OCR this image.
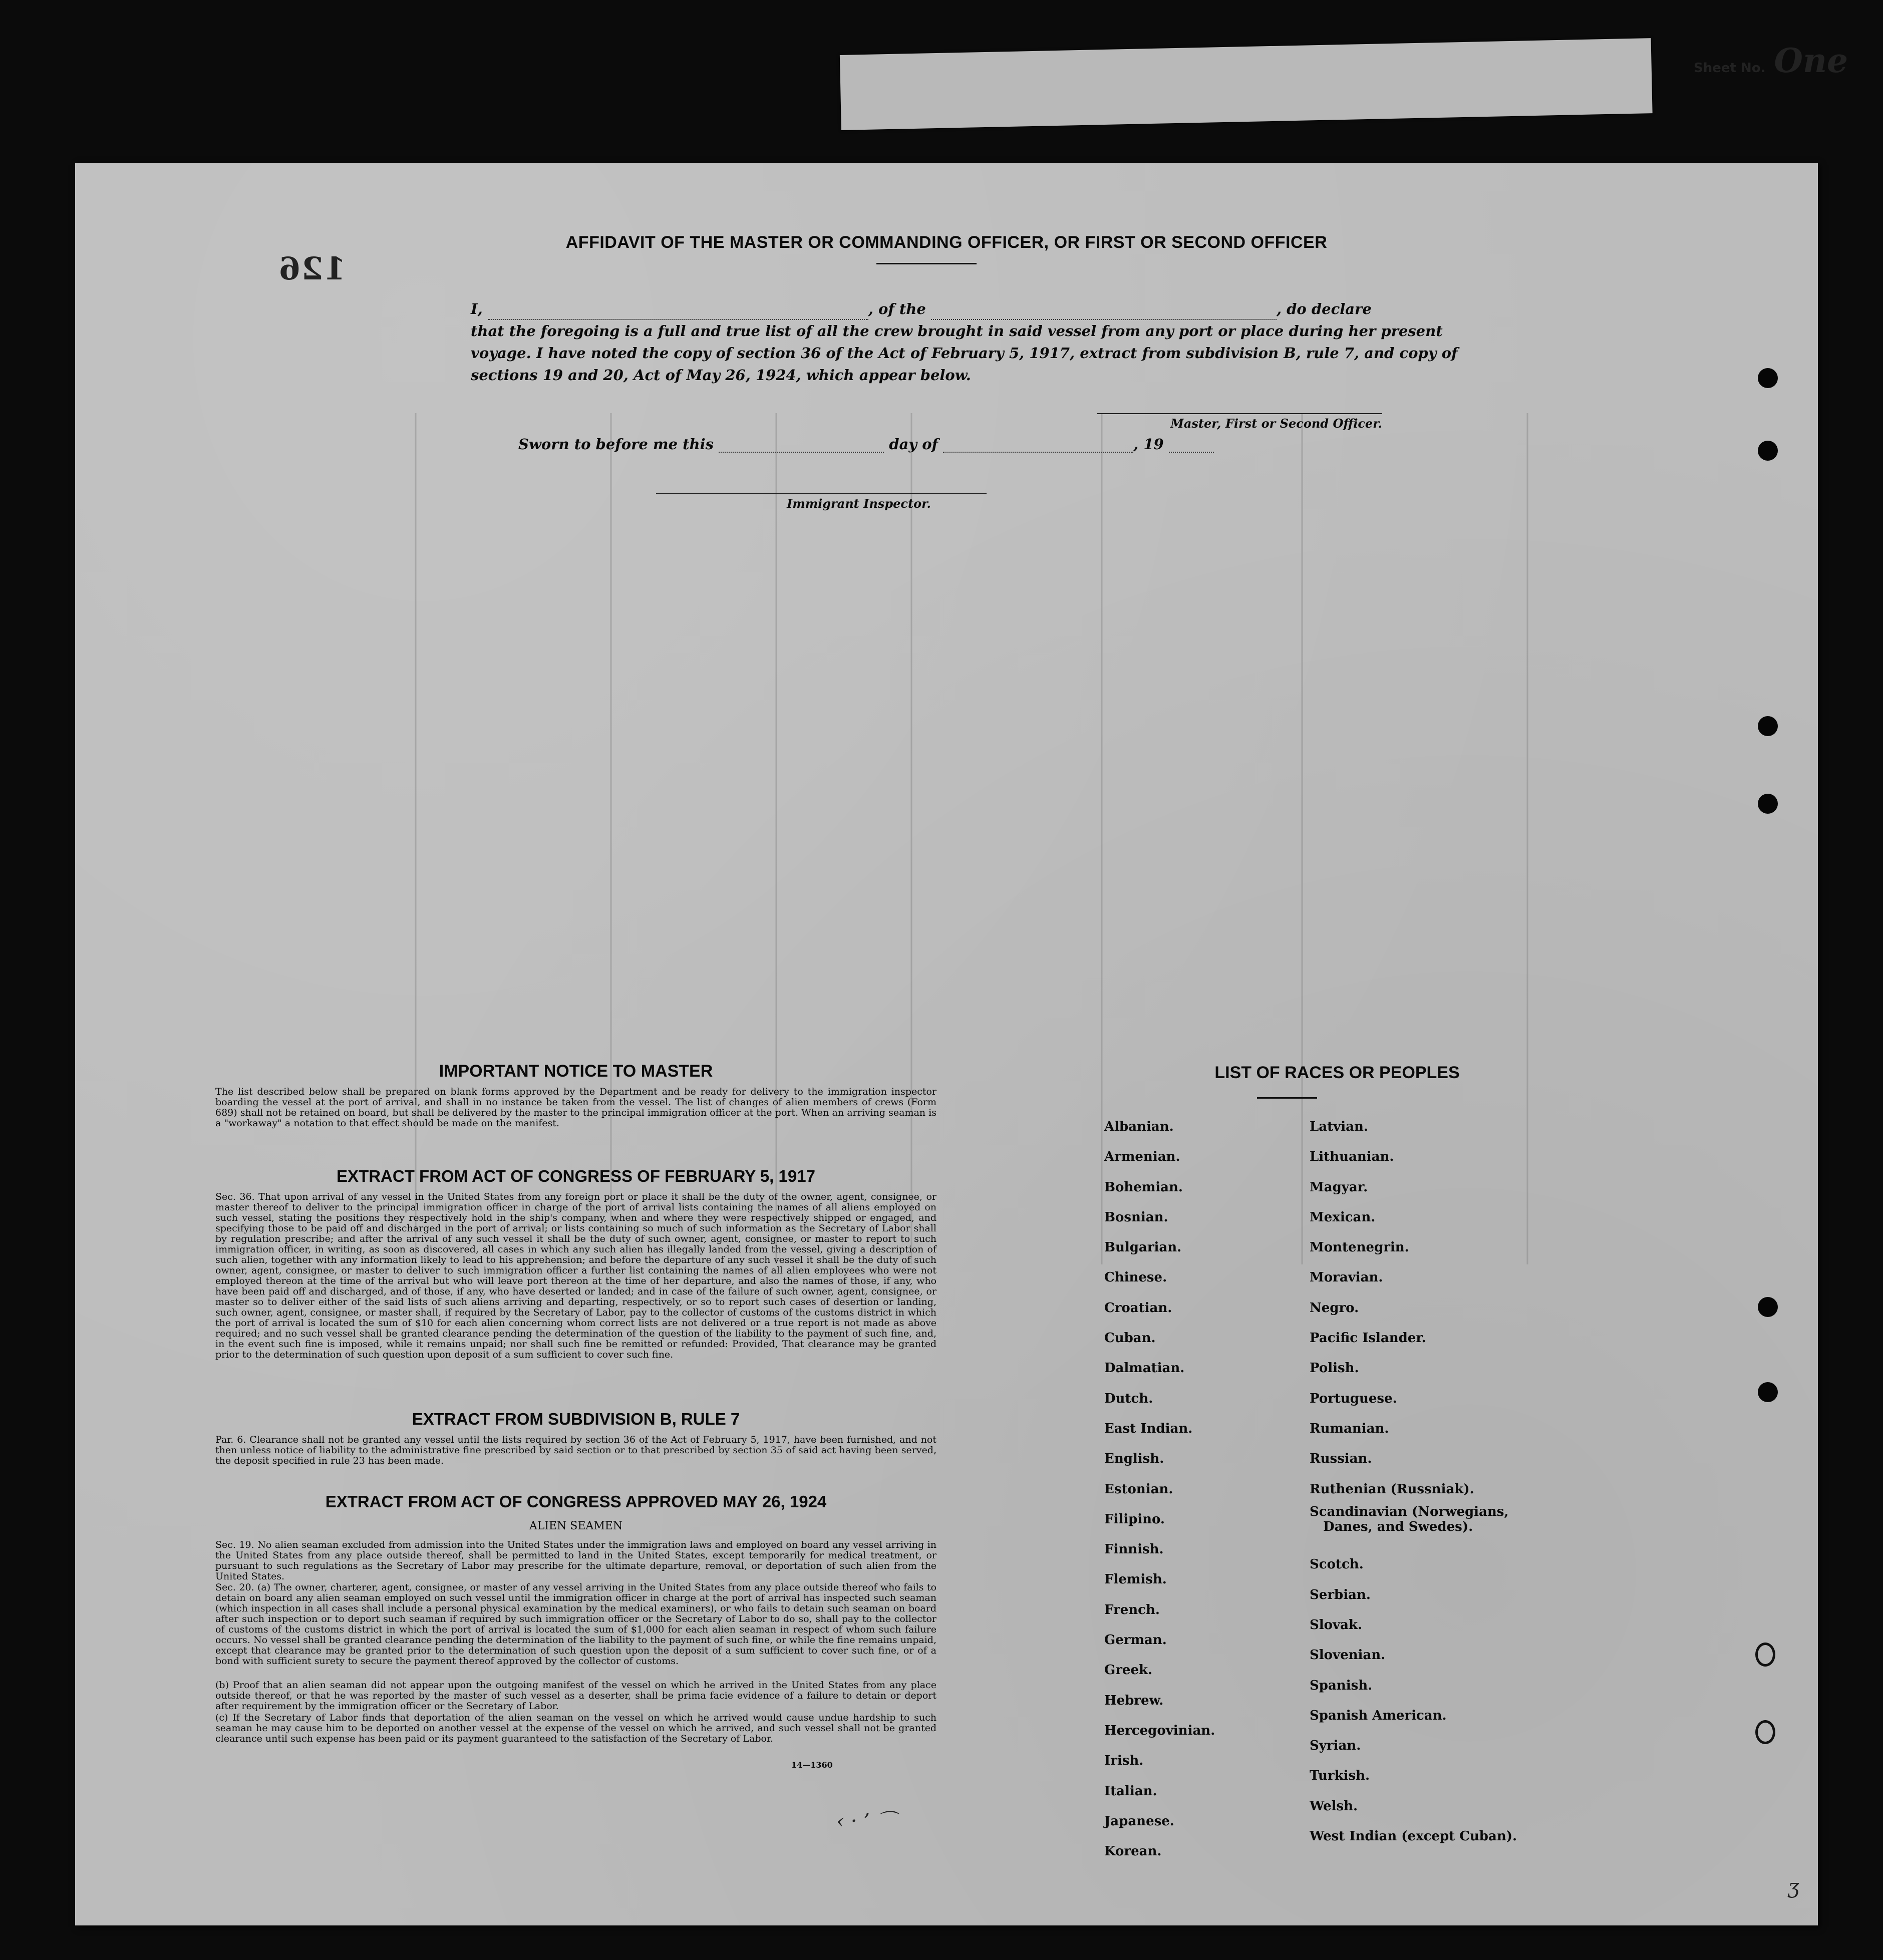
Sheet No. One
126
AFFIDAVIT OF THE MASTER OR COMMANDING OFFICER, OR FIRST OR SECOND OFFICER
I,	, of the	, do declare
that the foregoing is a full and true list of all the crew brought in said vessel from any port or place during her present voyage. I have noted the copy of section 36 of the Act of February 5, 1917, extract from subdivision B, rule 7, and copy of sections 19 and 20, Act of May 26, 1924, which appear below.
Master, First or Second Officer.
Sworn to before me this	day of	, 19
Immigrant Inspector.
IMPORTANT NOTICE TO MASTER
The list described below shall be prepared on blank forms approved by the Department and be ready for delivery to the immigration inspector boarding the vessel at the port of arrival, and shall in no instance be taken from the vessel. The list of changes of alien members of crews (Form 689) shall not be retained on board, but shall be delivered by the master to the principal immigration officer at the port. When an arriving seaman is a "workaway" a notation to that effect should be made on the manifest.
EXTRACT FROM ACT OF CONGRESS OF FEBRUARY 5, 1917
Sec. 36. That upon arrival of any vessel in the United States from any foreign port or place it shall be the duty of the owner, agent, consignee, or master thereof to deliver to the principal immigration officer in charge of the port of arrival lists containing the names of all aliens employed on such vessel, stating the positions they respectively hold in the ship's company, when and where they were respectively shipped or engaged, and specifying those to be paid off and discharged in the port of arrival; or lists containing so much of such information as the Secretary of Labor shall by regulation prescribe; and after the arrival of any such vessel it shall be the duty of such owner, agent, consignee, or master to report to such immigration officer, in writing, as soon as discovered, all cases in which any such alien has illegally landed from the vessel, giving a description of such alien, together with any information likely to lead to his apprehension; and before the departure of any such vessel it shall be the duty of such owner, agent, consignee, or master to deliver to such immigration officer a further list containing the names of all alien employees who were not employed thereon at the time of the arrival but who will leave port thereon at the time of her departure, and also the names of those, if any, who have been paid off and discharged, and of those, if any, who have deserted or landed; and in case of the failure of such owner, agent, consignee, or master so to deliver either of the said lists of such aliens arriving and departing, respectively, or so to report such cases of desertion or landing, such owner, agent, consignee, or master shall, if required by the Secretary of Labor, pay to the collector of customs of the customs district in which the port of arrival is located the sum of $10 for each alien concerning whom correct lists are not delivered or a true report is not made as above required; and no such vessel shall be granted clearance pending the determination of the question of the liability to the payment of such fine, and, in the event such fine is imposed, while it remains unpaid; nor shall such fine be remitted or refunded: Provided, That clearance may be granted prior to the determination of such question upon deposit of a sum sufficient to cover such fine.
EXTRACT FROM SUBDIVISION B, RULE 7
Par. 6. Clearance shall not be granted any vessel until the lists required by section 36 of the Act of February 5, 1917, have been furnished, and not then unless notice of liability to the administrative fine prescribed by said section or to that prescribed by section 35 of said act having been served, the deposit specified in rule 23 has been made.
EXTRACT FROM ACT OF CONGRESS APPROVED MAY 26, 1924
ALIEN SEAMEN
Sec. 19. No alien seaman excluded from admission into the United States under the immigration laws and employed on board any vessel arriving in the United States from any place outside thereof, shall be permitted to land in the United States, except temporarily for medical treatment, or pursuant to such regulations as the Secretary of Labor may prescribe for the ultimate departure, removal, or deportation of such alien from the United States.
Sec. 20. (a) The owner, charterer, agent, consignee, or master of any vessel arriving in the United States from any place outside thereof who fails to detain on board any alien seaman employed on such vessel until the immigration officer in charge at the port of arrival has inspected such seaman (which inspection in all cases shall include a personal physical examination by the medical examiners), or who fails to detain such seaman on board after such inspection or to deport such seaman if required by such immigration officer or the Secretary of Labor to do so, shall pay to the collector of customs of the customs district in which the port of arrival is located the sum of $1,000 for each alien seaman in respect of whom such failure occurs. No vessel shall be granted clearance pending the determination of the liability to the payment of such fine, or while the fine remains unpaid, except that clearance may be granted prior to the determination of such question upon the deposit of a sum sufficient to cover such fine, or of a bond with sufficient surety to secure the payment thereof approved by the collector of customs.
(b) Proof that an alien seaman did not appear upon the outgoing manifest of the vessel on which he arrived in the United States from any place outside thereof, or that he was reported by the master of such vessel as a deserter, shall be prima facie evidence of a failure to detain or deport after requirement by the immigration officer or the Secretary of Labor.
(c) If the Secretary of Labor finds that deportation of the alien seaman on the vessel on which he arrived would cause undue hardship to such seaman he may cause him to be deported on another vessel at the expense of the vessel on which he arrived, and such vessel shall not be granted clearance until such expense has been paid or its payment guaranteed to the satisfaction of the Secretary of Labor.
14—1360
LIST OF RACES OR PEOPLES
Albanian.
Armenian.
Bohemian.
Bosnian.
Bulgarian.
Chinese.
Croatian.
Cuban.
Dalmatian.
Dutch.
East Indian.
English.
Estonian.
Filipino.
Finnish.
Flemish.
French.
German.
Greek.
Hebrew.
Hercegovinian.
Irish.
Italian.
Japanese.
Korean.
Latvian.
Lithuanian.
Magyar.
Mexican.
Montenegrin.
Moravian.
Negro.
Pacific Islander.
Polish.
Portuguese.
Rumanian.
Russian.
Ruthenian (Russniak).
Scandinavian (Norwegians,
Danes, and Swedes).
Scotch.
Serbian.
Slovak.
Slovenian.
Spanish.
Spanish American.
Syrian.
Turkish.
Welsh.
West Indian (except Cuban).
‹ · ’ ⌒
ʒ
